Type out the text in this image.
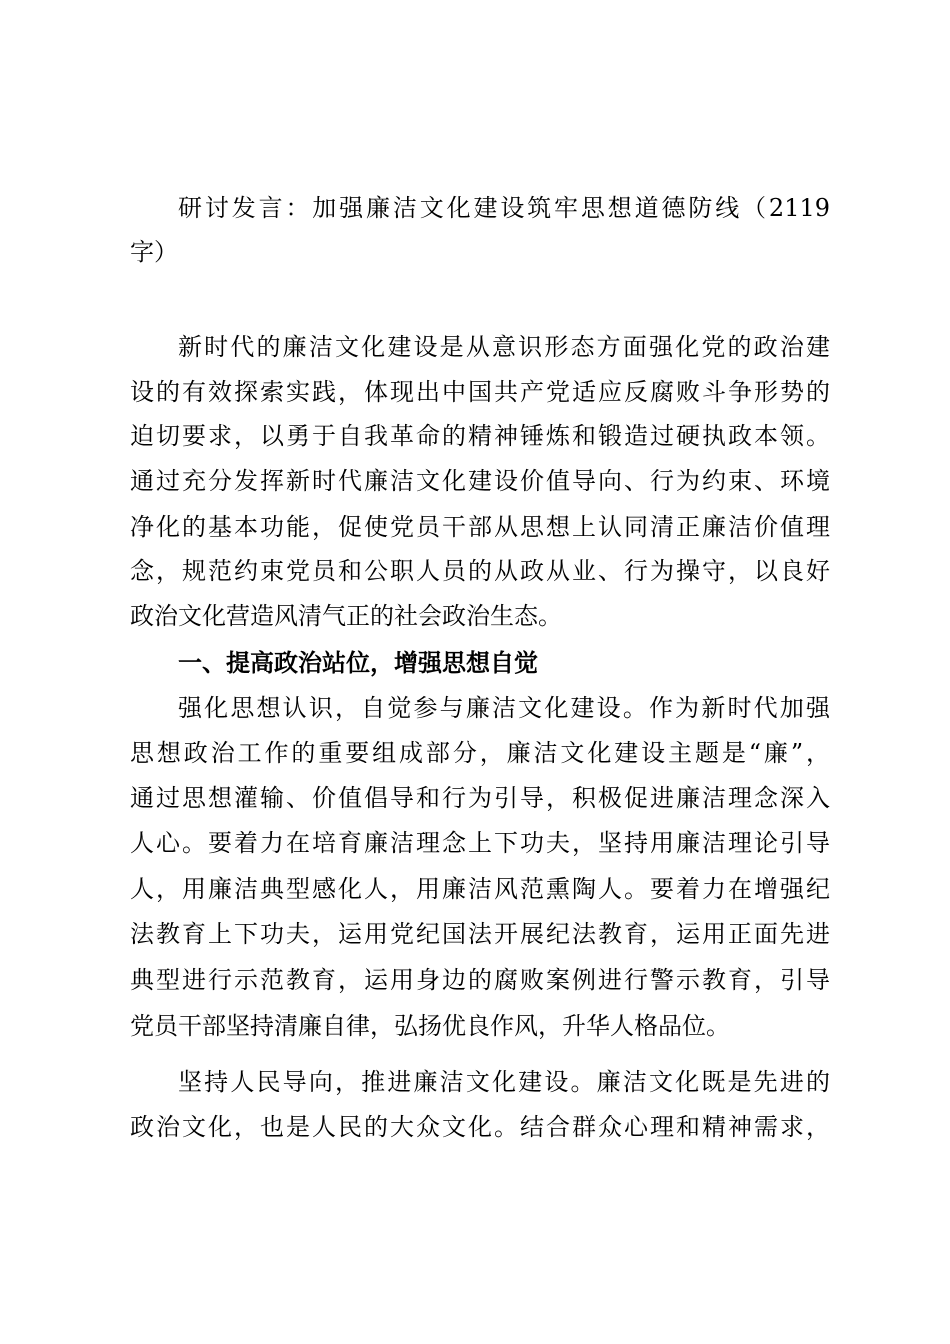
研讨发言：加强廉洁文化建设筑牢思想道德防线（2119
字）
新时代的廉洁文化建设是从意识形态方面强化党的政治建
设的有效探索实践，体现出中国共产党适应反腐败斗争形势的
迫切要求，以勇于自我革命的精神锤炼和锻造过硬执政本领。
通过充分发挥新时代廉洁文化建设价值导向、行为约束、环境
净化的基本功能，促使党员干部从思想上认同清正廉洁价值理
念，规范约束党员和公职人员的从政从业、行为操守，以良好
政治文化营造风清气正的社会政治生态。
一、提高政治站位，增强思想自觉
强化思想认识，自觉参与廉洁文化建设。作为新时代加强
思想政治工作的重要组成部分，廉洁文化建设主题是“廉”，
通过思想灌输、价值倡导和行为引导，积极促进廉洁理念深入
人心。要着力在培育廉洁理念上下功夫，坚持用廉洁理论引导
人，用廉洁典型感化人，用廉洁风范熏陶人。要着力在增强纪
法教育上下功夫，运用党纪国法开展纪法教育，运用正面先进
典型进行示范教育，运用身边的腐败案例进行警示教育，引导
党员干部坚持清廉自律，弘扬优良作风，升华人格品位。
坚持人民导向，推进廉洁文化建设。廉洁文化既是先进的
政治文化，也是人民的大众文化。结合群众心理和精神需求，
